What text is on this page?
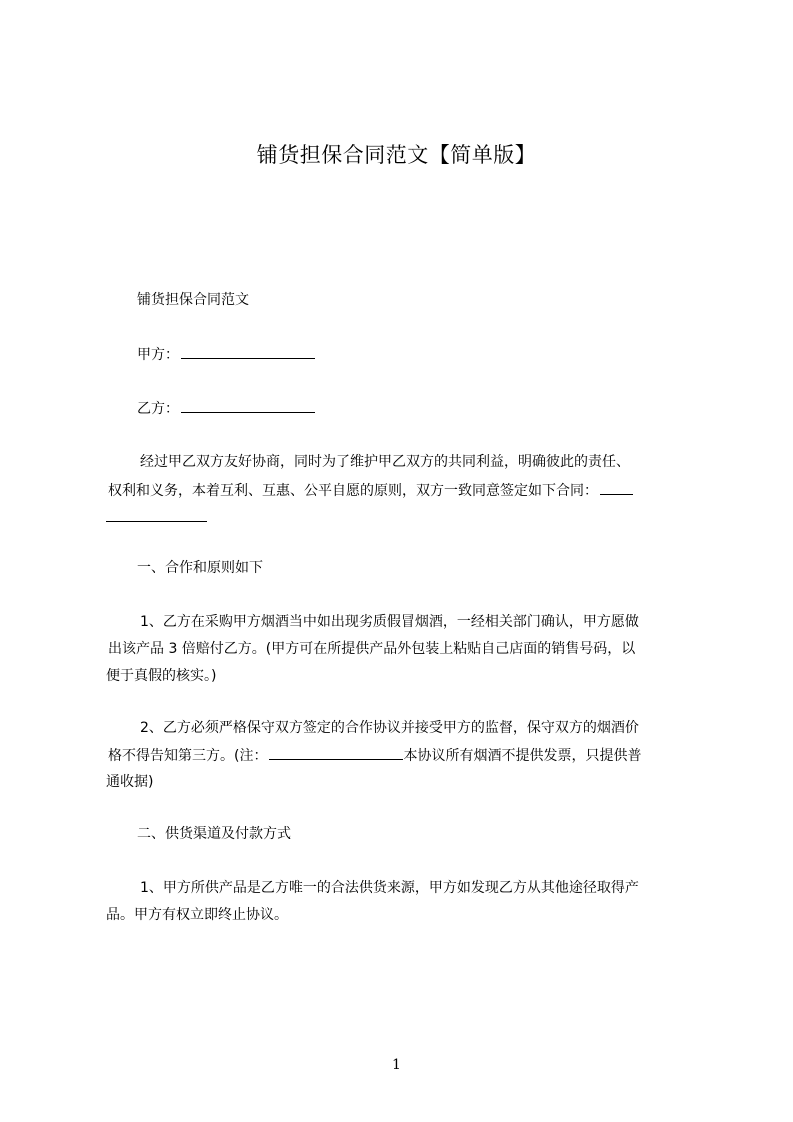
铺货担保合同范文【简单版】
铺货担保合同范文
甲方：
乙方：
经过甲乙双方友好协商，同时为了维护甲乙双方的共同利益，明确彼此的责任、
权利和义务，本着互利、互惠、公平自愿的原则，双方一致同意签定如下合同：
一、合作和原则如下
1、乙方在采购甲方烟酒当中如出现劣质假冒烟酒，一经相关部门确认，甲方愿做
出该产品 3 倍赔付乙方。(甲方可在所提供产品外包装上粘贴自己店面的销售号码，以
便于真假的核实。)
2、乙方必须严格保守双方签定的合作协议并接受甲方的监督，保守双方的烟酒价
格不得告知第三方。(注：	本协议所有烟酒不提供发票，只提供普
通收据)
二、供货渠道及付款方式
1、甲方所供产品是乙方唯一的合法供货来源，甲方如发现乙方从其他途径取得产
品。甲方有权立即终止协议。
1
